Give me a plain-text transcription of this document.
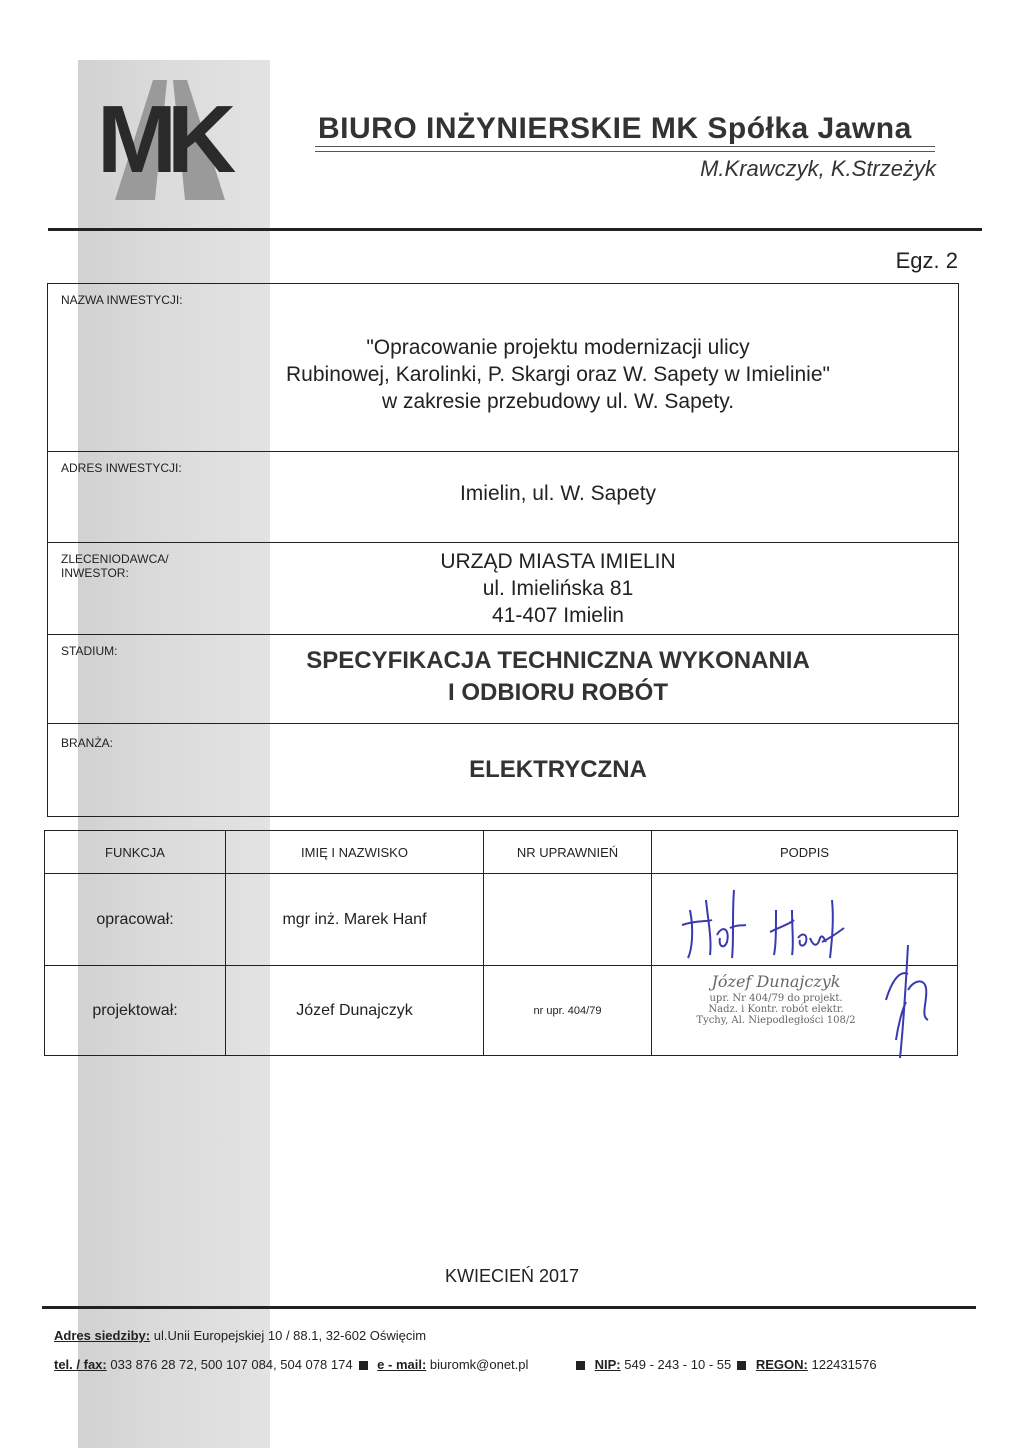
MK	BIURO INŻYNIERSKIE MK Spółka Jawna
M.Krawczyk, K.Strzeżyk
Egz. 2
NAZWA INWESTYCJI:
"Opracowanie projektu modernizacji ulicy
Rubinowej, Karolinki, P. Skargi oraz W. Sapety w Imielinie"
w zakresie przebudowy ul. W. Sapety.
ADRES INWESTYCJI:
Imielin, ul. W. Sapety
ZLECENIODAWCA/
INWESTOR:	URZĄD MIASTA IMIELIN
ul. Imielińska 81
41-407 Imielin
STADIUM:	SPECYFIKACJA TECHNICZNA WYKONANIA
I ODBIORU ROBÓT
BRANŻA:
ELEKTRYCZNA
FUNKCJA	IMIĘ I NAZWISKO	NR UPRAWNIEŃ	PODPIS
opracował:	mgr inż. Marek Hanf
projektował:	Józef Dunajczyk	nr upr. 404/79
Józef Dunajczyk
upr. Nr 404/79 do projekt.
Nadz. i Kontr. robót elektr.
Tychy, Al. Niepodległości 108/2
KWIECIEŃ 2017
Adres siedziby: ul.Unii Europejskiej 10 / 88.1, 32-602 Oświęcim
tel. / fax: 033 876 28 72, 500 107 084, 504 078 174 e - mail: biuromk@onet.pl	NIP: 549 - 243 - 10 - 55 REGON: 122431576
